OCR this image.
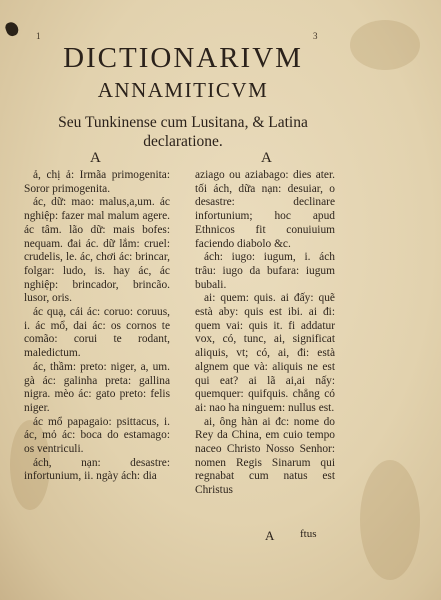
1	3
DICTIONARIVM
ANNAMITICVM
Seu Tunkinense cum Lusitana, & Latina declaratione.
A	A

ả, chị ả: Irmãa primogenita: Soror primogenita.

ác, dữ: mao: malus,a,um. ác nghiệp: fazer mal malum agere. ác tâm. lão dữ: mais bofes: nequam. đai ác. dữ lắm: cruel: crudelis, le. ác, chơi ác: brincar, folgar: ludo, is. hay ác, ác nghiệp: brincador, brincão. lusor, oris.

ác quạ, cái ác: coruo: coruus, i. ác mổ, dai ác: os cornos te comão: corui te rodant, maledictum.

ác, thầm: preto: niger, a, um. gà ác: galinha preta: gallina nigra. mèo ác: gato preto: felis niger.

ác mổ papagaio: psittacus, i. ác, mỏ ác: boca do estamago: os ventriculi.

ách, nạn: desastre: infortunium, ii. ngày ách: dia

aziago ou aziabago: dies ater. tối ách, dữa nạn: desuiar, o desastre: declinare infortunium; hoc apud Ethnicos fit conuiuium faciendo diabolo &c.

ách: iugo: iugum, i. ách trâu: iugo da bufara: iugum bubali.

ai: quem: quis. ai đấy: quẽ està aby: quis est ibi. ai đi: quem vai: quis it. fi addatur vox, có, tunc, ai, significat aliquis, vt; có, ai, đi: està algnem que và: aliquis ne est qui eat? ai lã ai,ai nấy: quemquer: quifquis. chẳng có ai: nao ha ninguem: nullus est.

ai, ông hàn ai đc: nome do Rey da China, em cuio tempo naceo Christo Nosso Senhor: nomen Regis Sinarum qui regnabat cum natus est Christus

A ftus
